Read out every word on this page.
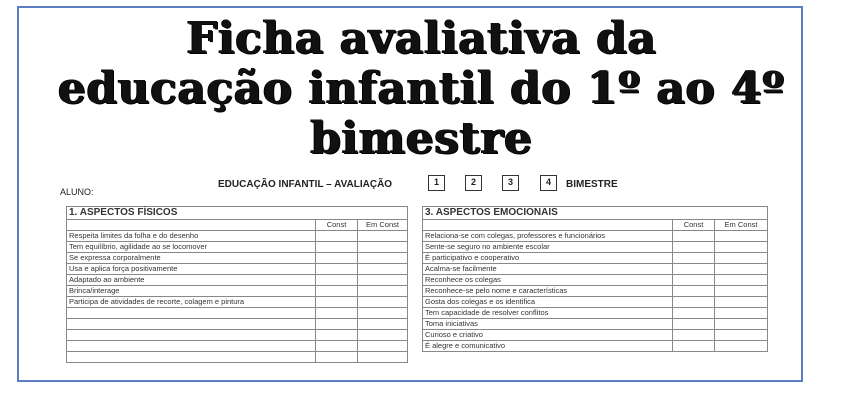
Ficha avaliativa da
educação infantil do 1º ao 4º
bimestre
ALUNO:
EDUCAÇÃO INFANTIL – AVALIAÇÃO	1	2	3	4	BIMESTRE
1. ASPECTOS FÍSICOS		
	Const	Em Const
Respeita limites da folha e do desenho		
Tem equilíbrio, agilidade ao se locomover		
Se expressa corporalmente		
Usa e aplica força positivamente		
Adaptado ao ambiente		
Brinca/interage		
Participa de atividades de recorte, colagem e pintura		

3. ASPECTOS EMOCIONAIS		
	Const	Em Const
Relaciona-se com colegas, professores e funcionários		
Sente-se seguro no ambiente escolar		
É participativo e cooperativo		
Acalma-se facilmente		
Reconhece os colegas		
Reconhece-se pelo nome e características		
Gosta dos colegas e os identifica		
Tem capacidade de resolver conflitos		
Toma iniciativas		
Curioso e criativo		
É alegre e comunicativo		
